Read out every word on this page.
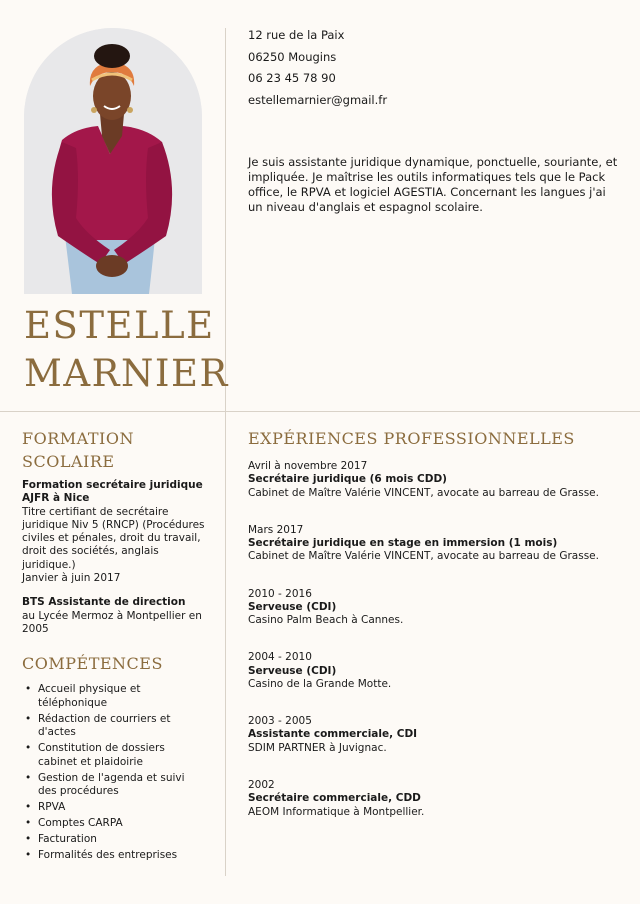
ESTELLE
MARNIER
12 rue de la Paix
06250 Mougins
06 23 45 78 90
estellemarnier@gmail.fr

Je suis assistante juridique dynamique, ponctuelle, souriante, et impliquée. Je maîtrise les outils informatiques tels que le Pack office, le RPVA et logiciel AGESTIA. Concernant les langues j'ai un niveau d'anglais et espagnol scolaire.

FORMATION SCOLAIRE
Formation secrétaire juridique AJFR à Nice
Titre certifiant de secrétaire juridique Niv 5 (RNCP) (Procédures civiles et pénales, droit du travail, droit des sociétés, anglais juridique.)
Janvier à juin 2017
BTS Assistante de direction
au Lycée Mermoz à Montpellier en 2005
COMPÉTENCES
• Accueil physique et téléphonique
• Rédaction de courriers et d'actes
• Constitution de dossiers cabinet et plaidoirie
• Gestion de l'agenda et suivi des procédures
• RPVA
• Comptes CARPA
• Facturation
• Formalités des entreprises
EXPÉRIENCES PROFESSIONNELLES
Avril à novembre 2017
Secrétaire juridique (6 mois CDD)
Cabinet de Maître Valérie VINCENT, avocate au barreau de Grasse.
Mars 2017
Secrétaire juridique en stage en immersion (1 mois)
Cabinet de Maître Valérie VINCENT, avocate au barreau de Grasse.
2010 - 2016
Serveuse (CDI)
Casino Palm Beach à Cannes.
2004 - 2010
Serveuse (CDI)
Casino de la Grande Motte.
2003 - 2005
Assistante commerciale, CDI
SDIM PARTNER à Juvignac.
2002
Secrétaire commerciale, CDD
AEOM Informatique à Montpellier.
